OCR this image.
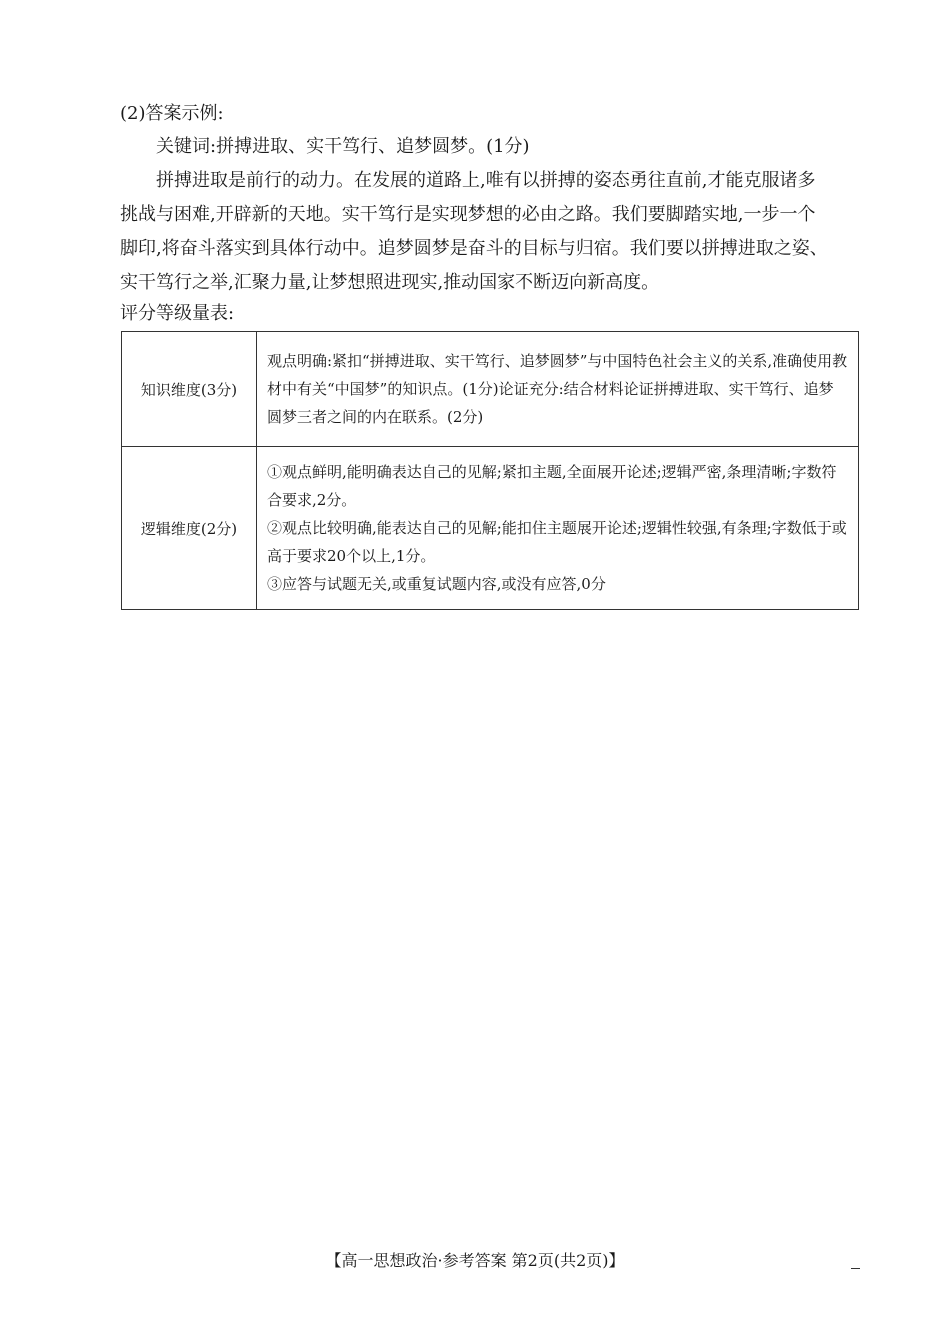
(2)答案示例:
关键词:拼搏进取、实干笃行、追梦圆梦。(1分)
拼搏进取是前行的动力。在发展的道路上,唯有以拼搏的姿态勇往直前,才能克服诸多
挑战与困难,开辟新的天地。实干笃行是实现梦想的必由之路。我们要脚踏实地,一步一个
脚印,将奋斗落实到具体行动中。追梦圆梦是奋斗的目标与归宿。我们要以拼搏进取之姿、
实干笃行之举,汇聚力量,让梦想照进现实,推动国家不断迈向新高度。
评分等级量表:
知识维度(3分)	观点明确:紧扣“拼搏进取、实干笃行、追梦圆梦”与中国特色社会主义的关系,准确使用教材中有关“中国梦”的知识点。(1分)论证充分:结合材料论证拼搏进取、实干笃行、追梦圆梦三者之间的内在联系。(2分)

逻辑维度(2分)	①观点鲜明,能明确表达自己的见解;紧扣主题,全面展开论述;逻辑严密,条理清晰;字数符合要求,2分。
②观点比较明确,能表达自己的见解;能扣住主题展开论述;逻辑性较强,有条理;字数低于或高于要求20个以上,1分。
③应答与试题无关,或重复试题内容,或没有应答,0分
【高一思想政治·参考答案 第2页(共2页)】
